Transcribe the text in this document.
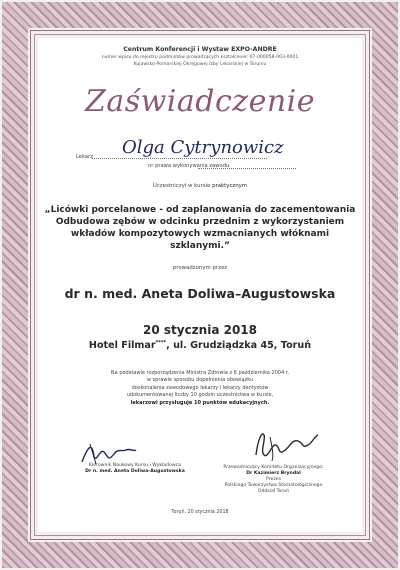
Centrum Konferencji i Wystaw EXPO-ANDRE
numer wpisu do rejestru podmiotów prowadzących kształcenie: 67-000058-003-0001
Kujawsko-Pomorskiej Okręgowej Izby Lekarskiej w Toruniu
Zaświadczenie
Lekarz Olga Cytrynowicz
nr prawa wykonywania zawodu
Uczestniczył w kursie praktycznym
„Licówki porcelanowe - od zaplanowania do zacementowania Odbudowa zębów w odcinku przednim z wykorzystaniem wkładów kompozytowych wzmacnianych włóknami szklanymi.”
prowadzonym przez
dr n. med. Aneta Doliwa–Augustowska
20 stycznia 2018
Hotel Filmar****, ul. Grudziądzka 45, Toruń
Na podstawie rozporządzenia Ministra Zdrowia z 6 października 2004 r.
w sprawie sposobu dopełnienia obowiązku
doskonalenia zawodowego lekarzy i lekarzy dentystów
udokumentowanej liczby 10 godzin uczestnictwa w kursie,
lekarzowi przysługuje 10 punktów edukacyjnych.
Kierownik Naukowy Kursu i Wykładowca
Dr n. med. Aneta Doliwa-Augustowska
Przewodniczący Komitetu Organizacyjnego:
Dr Kazimierz Bryndal
Prezes
Polskiego Towarzystwa Stomatologicznego
Oddział Toruń
Toruń, 20 stycznia 2018
